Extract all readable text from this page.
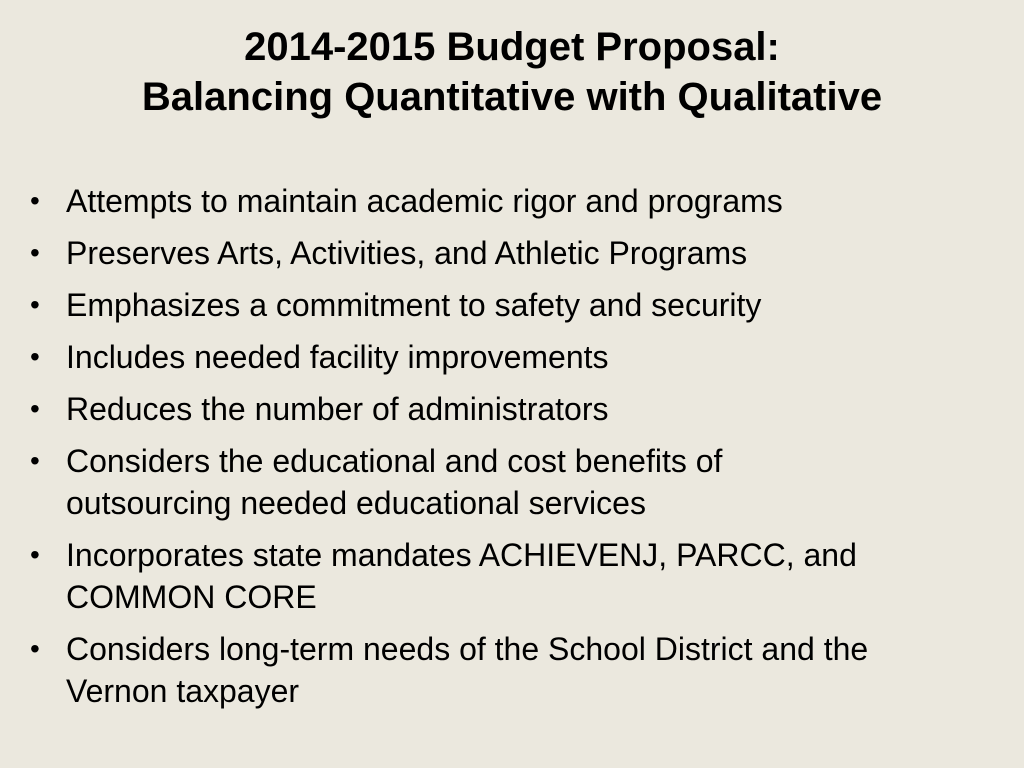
2014-2015 Budget Proposal:
Balancing Quantitative with Qualitative
• Attempts to maintain academic rigor and programs
• Preserves Arts, Activities, and Athletic Programs
• Emphasizes a commitment to safety and security
• Includes needed facility improvements
• Reduces the number of administrators
• Considers the educational and cost benefits of
outsourcing needed educational services
• Incorporates state mandates ACHIEVENJ, PARCC, and
COMMON CORE
• Considers long-term needs of the School District and the
Vernon taxpayer
